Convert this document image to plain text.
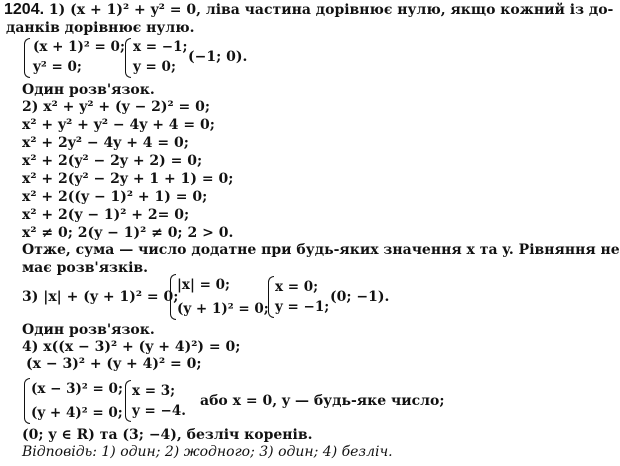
1204. 1) (x + 1)² + y² = 0, ліва частина дорівнює нулю, якщо кожний із до-
данків дорівнює нулю.
(x + 1)² = 0;
y² = 0;
x = −1;
y = 0;
(−1; 0).
Один розв'язок.
2) x² + y² + (y − 2)² = 0;
x² + y² + y² − 4y + 4 = 0;
x² + 2y² − 4y + 4 = 0;
x² + 2(y² − 2y + 2) = 0;
x² + 2(y² − 2y + 1 + 1) = 0;
x² + 2((y − 1)² + 1) = 0;
x² + 2(y − 1)² + 2= 0;
x² ≠ 0; 2(y − 1)² ≠ 0; 2 > 0.
Отже, сума — число додатне при будь-яких значення x та y. Рівняння не
має розв'язків.
3) |x| + (y + 1)² = 0;
|x| = 0;
(y + 1)² = 0;
x = 0;
y = −1;
(0; −1).
Один розв'язок.
4) x((x − 3)² + (y + 4)²) = 0;
(x − 3)² + (y + 4)² = 0;
(x − 3)² = 0;
(y + 4)² = 0;
x = 3;
y = −4.
або x = 0, y — будь-яке число;
(0; y ∈ R) та (3; −4), безліч коренів.
Відповідь: 1) один; 2) жодного; 3) один; 4) безліч.
